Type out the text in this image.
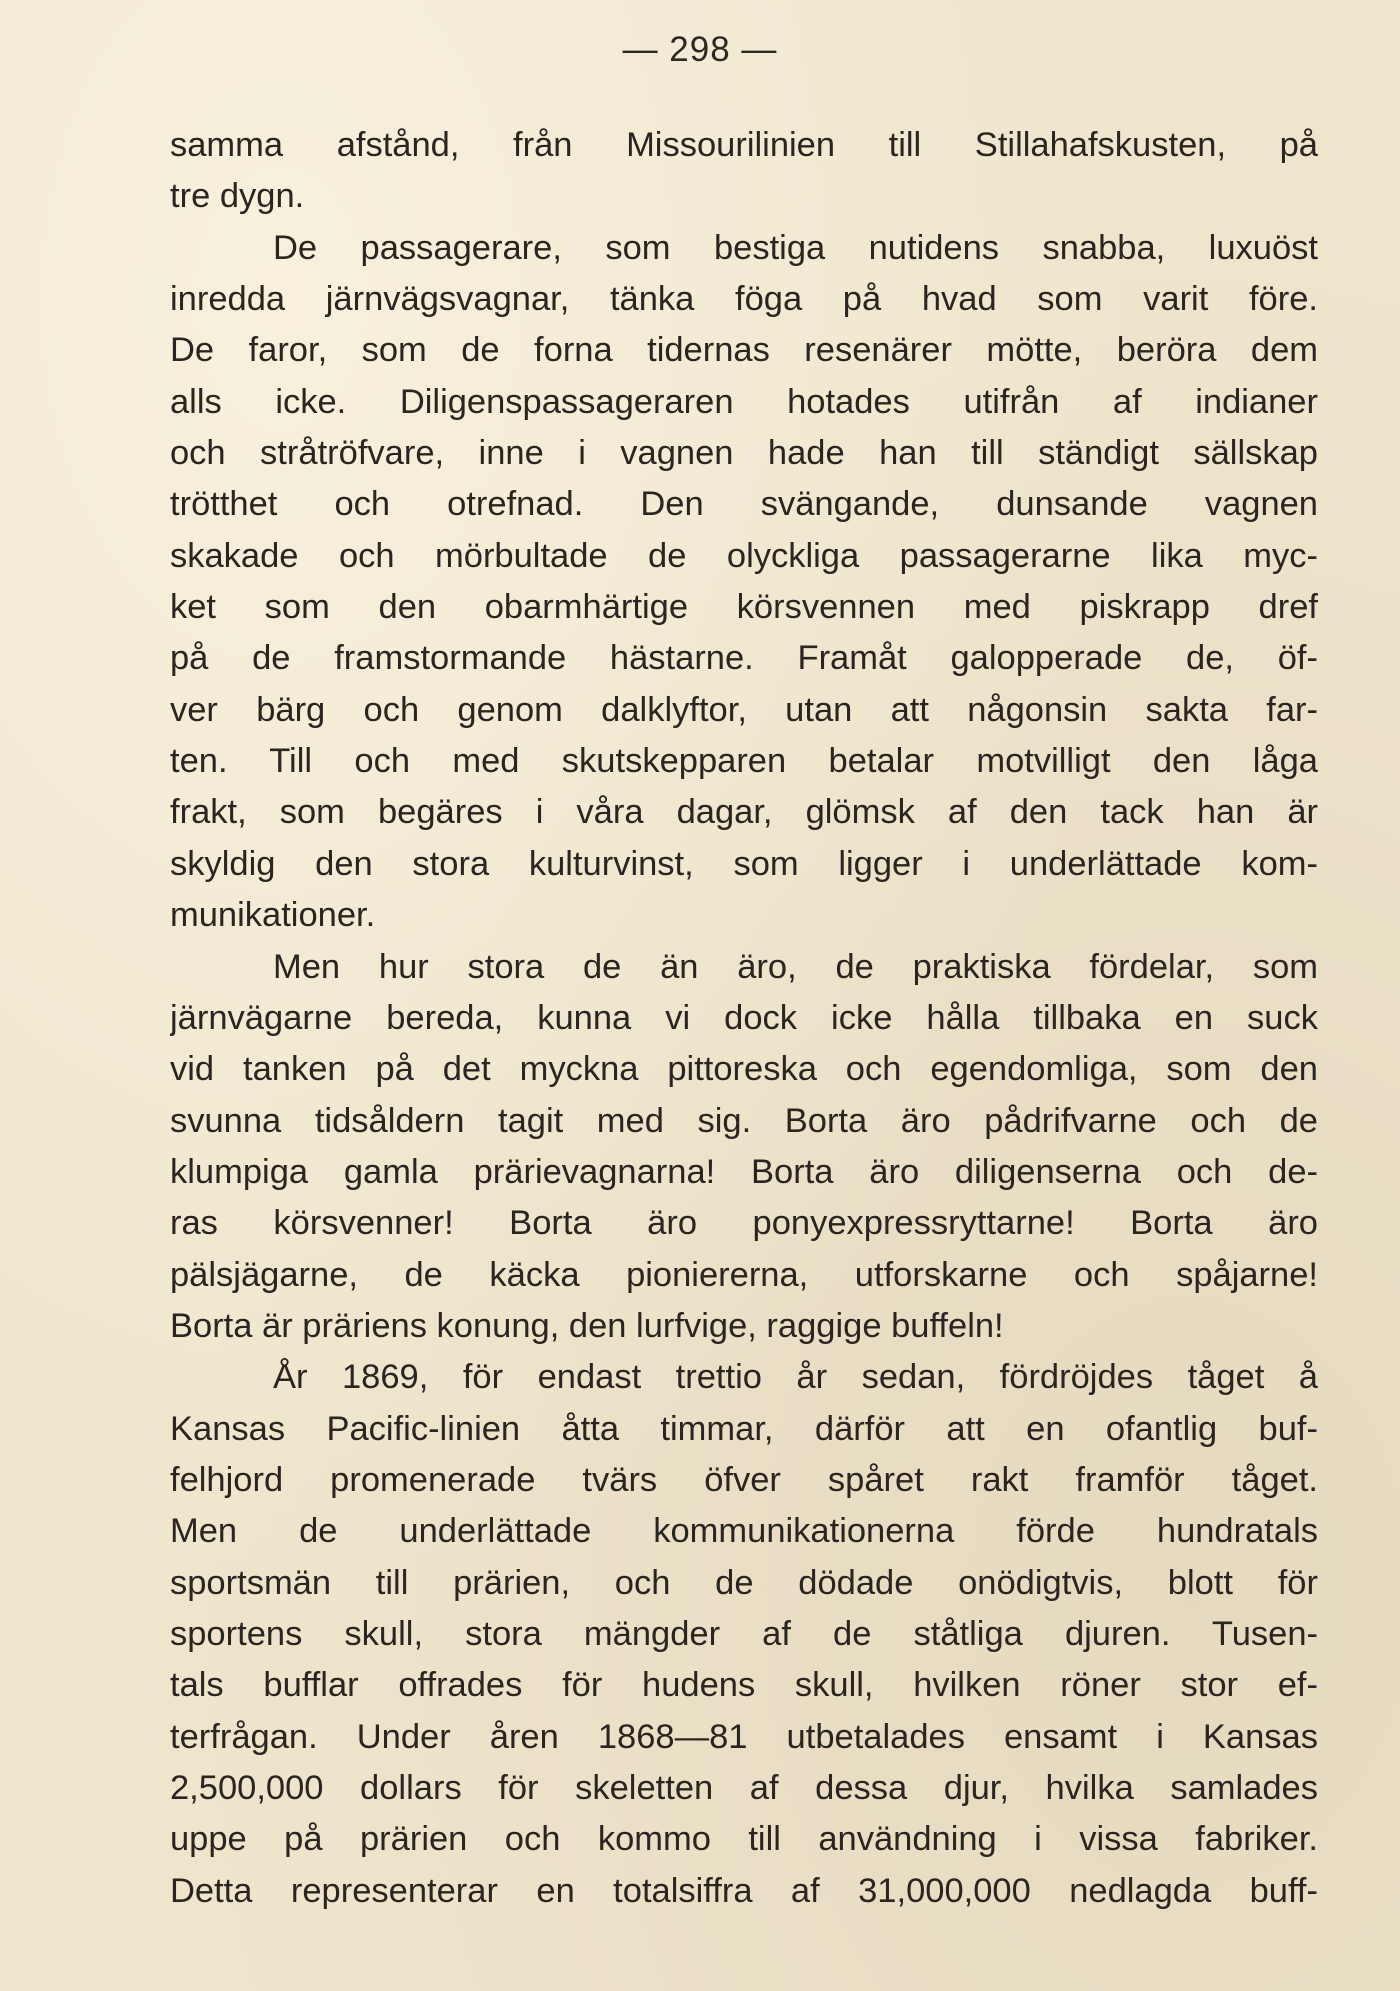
— 298 —
samma afstånd, från Missourilinien till Stillahafskusten, på
tre dygn.
De passagerare, som bestiga nutidens snabba, luxuöst
inredda järnvägsvagnar, tänka föga på hvad som varit före.
De faror, som de forna tidernas resenärer mötte, beröra dem
alls icke. Diligenspassageraren hotades utifrån af indianer
och stråtröfvare, inne i vagnen hade han till ständigt sällskap
trötthet och otrefnad. Den svängande, dunsande vagnen
skakade och mörbultade de olyckliga passagerarne lika myc-
ket som den obarmhärtige körsvennen med piskrapp dref
på de framstormande hästarne. Framåt galopperade de, öf-
ver bärg och genom dalklyftor, utan att någonsin sakta far-
ten. Till och med skutskepparen betalar motvilligt den låga
frakt, som begäres i våra dagar, glömsk af den tack han är
skyldig den stora kulturvinst, som ligger i underlättade kom-
munikationer.
Men hur stora de än äro, de praktiska fördelar, som
järnvägarne bereda, kunna vi dock icke hålla tillbaka en suck
vid tanken på det myckna pittoreska och egendomliga, som den
svunna tidsåldern tagit med sig. Borta äro pådrifvarne och de
klumpiga gamla prärievagnarna! Borta äro diligenserna och de-
ras körsvenner! Borta äro ponyexpressryttarne! Borta äro
pälsjägarne, de käcka pioniererna, utforskarne och spåjarne!
Borta är präriens konung, den lurfvige, raggige buffeln!
År 1869, för endast trettio år sedan, fördröjdes tåget å
Kansas Pacific-linien åtta timmar, därför att en ofantlig buf-
felhjord promenerade tvärs öfver spåret rakt framför tåget.
Men de underlättade kommunikationerna förde hundratals
sportsmän till prärien, och de dödade onödigtvis, blott för
sportens skull, stora mängder af de ståtliga djuren. Tusen-
tals bufflar offrades för hudens skull, hvilken röner stor ef-
terfrågan. Under åren 1868—81 utbetalades ensamt i Kansas
2,500,000 dollars för skeletten af dessa djur, hvilka samlades
uppe på prärien och kommo till användning i vissa fabriker.
Detta representerar en totalsiffra af 31,000,000 nedlagda buff-
